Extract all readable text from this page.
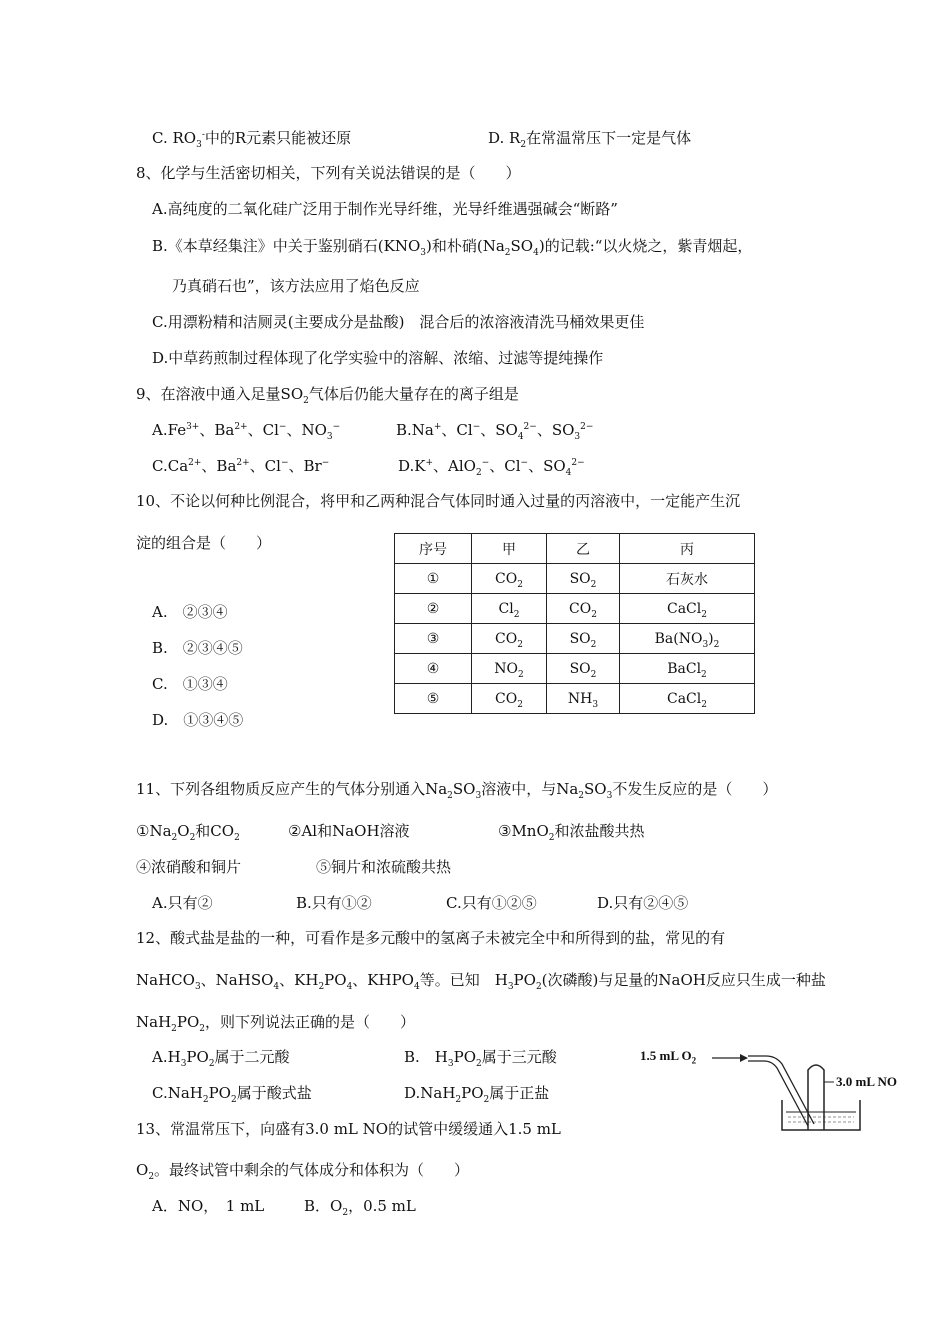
C. $RO_3^-$中的R元素只能被还原	D. $R_2$在常温常压下一定是气体
8、化学与生活密切相关，下列有关说法错误的是（　　）
A.高纯度的二氧化硅广泛用于制作光导纤维，光导纤维遇强碱会“断路”
B.《本草经集注》中关于鉴别硝石$(KNO_3)$和朴硝$(Na_2SO_4)$的记载:“以火烧之，紫青烟起，
乃真硝石也”，该方法应用了焰色反应
C.用漂粉精和洁厕灵(主要成分是盐酸)　混合后的浓溶液清洗马桶效果更佳
D.中草药煎制过程体现了化学实验中的溶解、浓缩、过滤等提纯操作
9、在溶液中通入足量$SO_2$气体后仍能大量存在的离子组是
$A.Fe^{3+}$、$Ba^{2+}$、Cl−、$NO_3^-$	B.Na+、Cl−、$SO_4^{2-}$、$SO_3^{2-}$
$C.Ca^{2+}$、$Ba^{2+}$、Cl−、Br−	D.K+、AlO$_2$−、Cl−、$SO_4^{2-}$
10、不论以何种比例混合，将甲和乙两种混合气体同时通入过量的丙溶液中，一定能产生沉
淀的组合是（　　）
A.　②③④
B.　②③④⑤
C.　①③④
D.　①③④⑤
序号	甲	乙	丙
①	$CO_2$	$SO_2$	石灰水
②	$Cl_2$	$CO_2$	CaCl$_2$
③	$CO_2$	$SO_2$	$Ba(NO_3)_2$
④	$NO_2$	$SO_2$	BaCl$_2$
⑤	$CO_2$	$NH_3$	CaCl$_2$
11、下列各组物质反应产生的气体分别通入$Na_2SO_3$溶液中，与$Na_2SO_3$不发生反应的是（　　）
$①Na_2O_2$和$CO_2$	②Al和NaOH溶液	③MnO$_2$和浓盐酸共热
④浓硝酸和铜片	⑤铜片和浓硫酸共热
A.只有②	B.只有①②	C.只有①②⑤	D.只有②④⑤
12、酸式盐是盐的一种，可看作是多元酸中的氢离子未被完全中和所得到的盐，常见的有
NaHCO$_3$、NaHSO$_4$、$KH_2PO_4$、$KHPO_4$等。已知　$H_3PO_2$(次磷酸)与足量的NaOH反应只生成一种盐
$NaH_2PO_2$，则下列说法正确的是（　　）
$A.H_3PO_2$属于二元酸	B.　$H_3PO_2$属于三元酸
$C.NaH_2PO_2$属于酸式盐	$D.NaH_2PO_2$属于正盐
13、常温常压下，向盛有3.0 mL NO的试管中缓缓通入1.5 mL
$O_2$。最终试管中剩余的气体成分和体积为（　　）
A．NO，　1 mL	B．$O_2$，0.5 mL
1.5 mL $O_2$
3.0 mL NO
